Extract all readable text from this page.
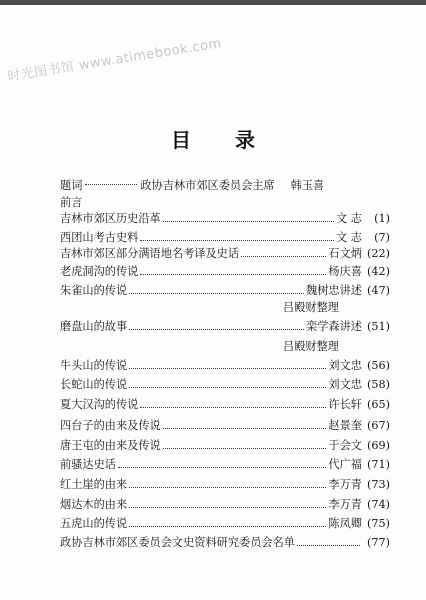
时光图书馆 www.atimebook.com
目录
题词	政协吉林市郊区委员会主席 韩玉喜
前言
吉林市郊区历史沿革	文 志	(1)
西团山考古史料	文 志	(7)
吉林市郊区部分满语地名考译及史话	石文炳 (22)
老虎洞沟的传说	杨庆喜 (42)
朱雀山的传说	魏树忠讲述 (47)
吕殿财整理
磨盘山的故事	栾学森讲述 (51)
吕殿财整理
牛头山的传说	刘文忠 (56)
长蛇山的传说	刘文忠 (58)
夏大汉沟的传说	许长轩 (65)
四台子的由来及传说	赵景奎 (67)
唐王屯的由来及传说	于会文 (69)
前骚达史话	代广福 (71)
红土崖的由来	李万青 (73)
烟达木的由来	李万青 (74)
五虎山的传说	陈凤卿 (75)
政协吉林市郊区委员会文史资料研究委员会名单	(77)
